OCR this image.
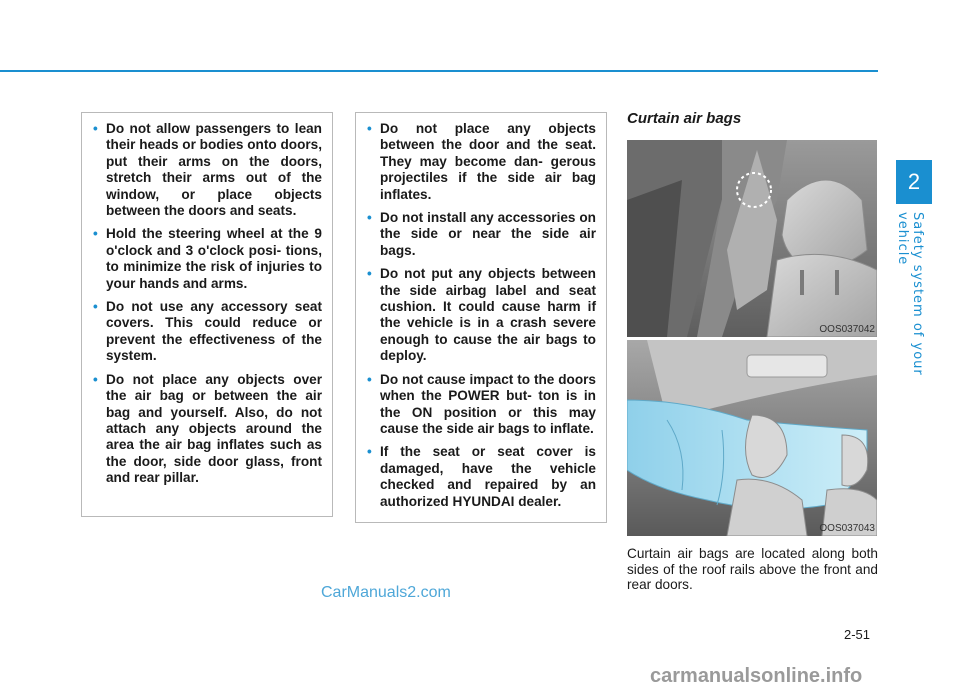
2
Safety system of your vehicle
• Do not allow passengers to lean their heads or bodies onto doors, put their arms on the doors, stretch their arms out of the window, or place objects between the doors and seats.
• Hold the steering wheel at the 9 o'clock and 3 o'clock posi- tions, to minimize the risk of injuries to your hands and arms.
• Do not use any accessory seat covers. This could reduce or prevent the effectiveness of the system.
• Do not place any objects over the air bag or between the air bag and yourself. Also, do not attach any objects around the area the air bag inflates such as the door, side door glass, front and rear pillar.
• Do not place any objects between the door and the seat. They may become dan- gerous projectiles if the side air bag inflates.
• Do not install any accessories on the side or near the side air bags.
• Do not put any objects between the side airbag label and seat cushion. It could cause harm if the vehicle is in a crash severe enough to cause the air bags to deploy.
• Do not cause impact to the doors when the POWER but- ton is in the ON position or this may cause the side air bags to inflate.
• If the seat or seat cover is damaged, have the vehicle checked and repaired by an authorized HYUNDAI dealer.
Curtain air bags
OOS037042
OOS037043
Curtain air bags are located along both sides of the roof rails above the front and rear doors.
2-51
CarManuals2.com
carmanualsonline.info
